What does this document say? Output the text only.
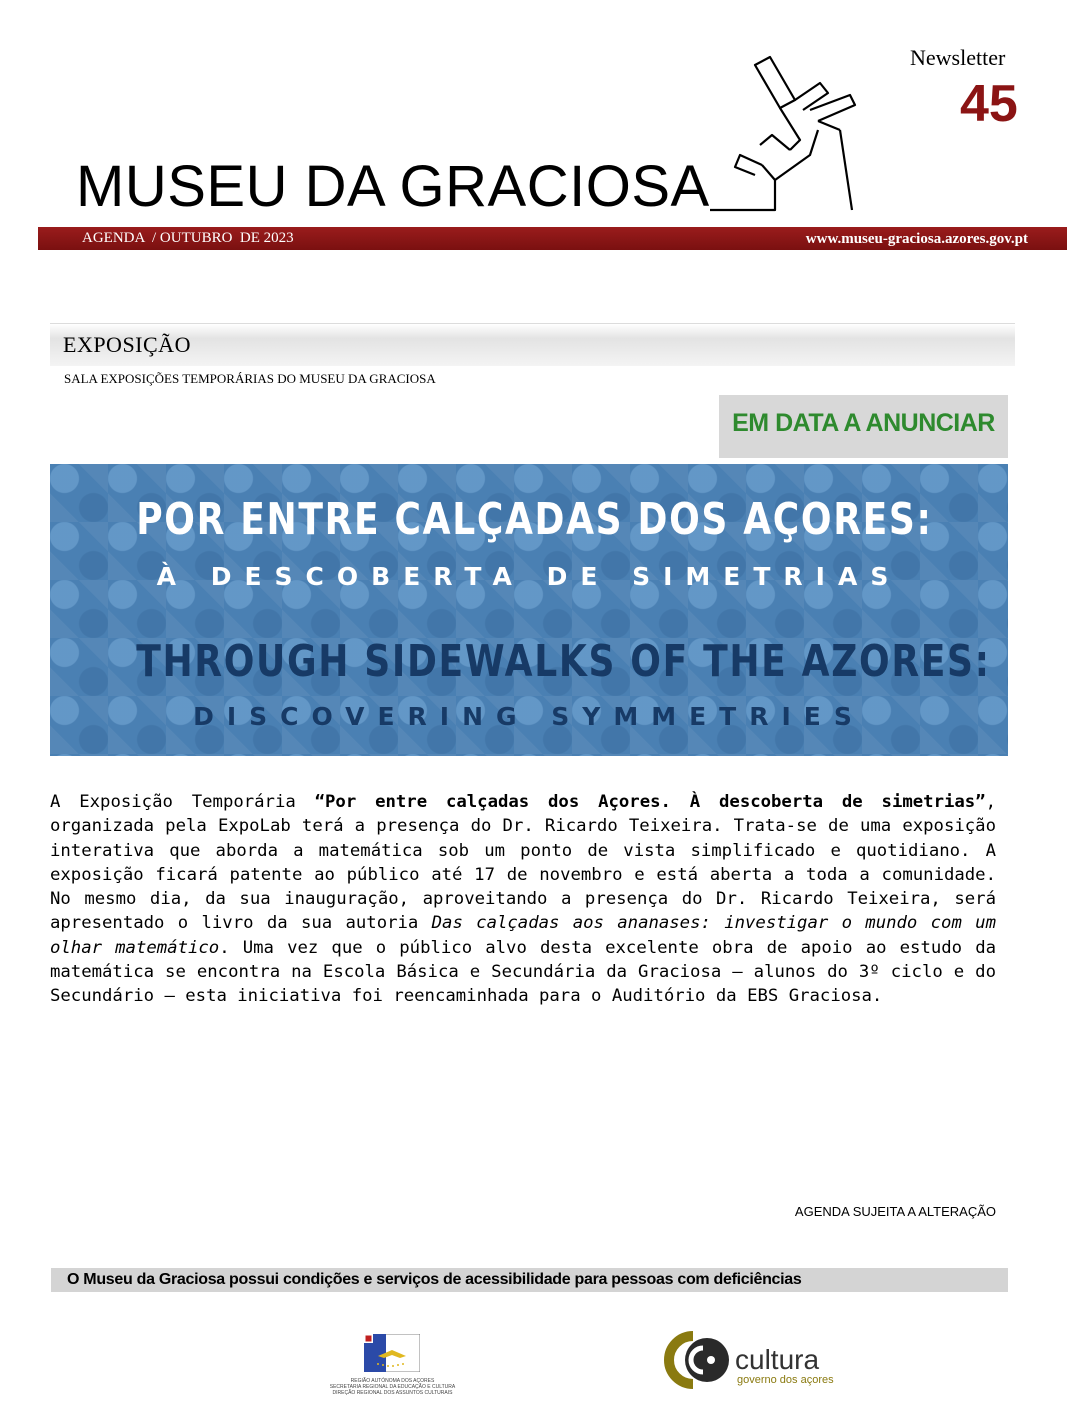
MUSEU DA GRACIOSA
Newsletter
45
AGENDA  / OUTUBRO  DE 2023	www.museu-graciosa.azores.gov.pt
EXPOSIÇÃO
SALA EXPOSIÇÕES TEMPORÁRIAS DO MUSEU DA GRACIOSA
EM DATA A ANUNCIAR
POR ENTRE CALÇADAS DOS AÇORES:
À DESCOBERTA DE SIMETRIAS
THROUGH SIDEWALKS OF THE AZORES:
DISCOVERING SYMMETRIES
A Exposição Temporária “Por entre calçadas dos Açores. À descoberta de simetrias”, organizada pela ExpoLab terá a presença do Dr. Ricardo Teixeira. Trata-se de uma exposição interativa que aborda a matemática sob um ponto de vista simplificado e quotidiano. A exposição ficará patente ao público até 17 de novembro e está aberta a toda a comunidade. No mesmo dia, da sua inauguração, aproveitando a presença do Dr. Ricardo Teixeira, será apresentado o livro da sua autoria Das calçadas aos ananases: investigar o mundo com um olhar matemático. Uma vez que o público alvo desta excelente obra de apoio ao estudo da matemática se encontra na Escola Básica e Secundária da Graciosa – alunos do 3º ciclo e do Secundário – esta iniciativa foi reencaminhada para o Auditório da EBS Graciosa.
AGENDA SUJEITA A ALTERAÇÃO
O Museu da Graciosa possui condições e serviços de acessibilidade para pessoas com deficiências
REGIÃO AUTÓNOMA DOS AÇORES
SECRETARIA REGIONAL DA EDUCAÇÃO E CULTURA
DIREÇÃO REGIONAL DOS ASSUNTOS CULTURAIS
cultura
governo dos açores
